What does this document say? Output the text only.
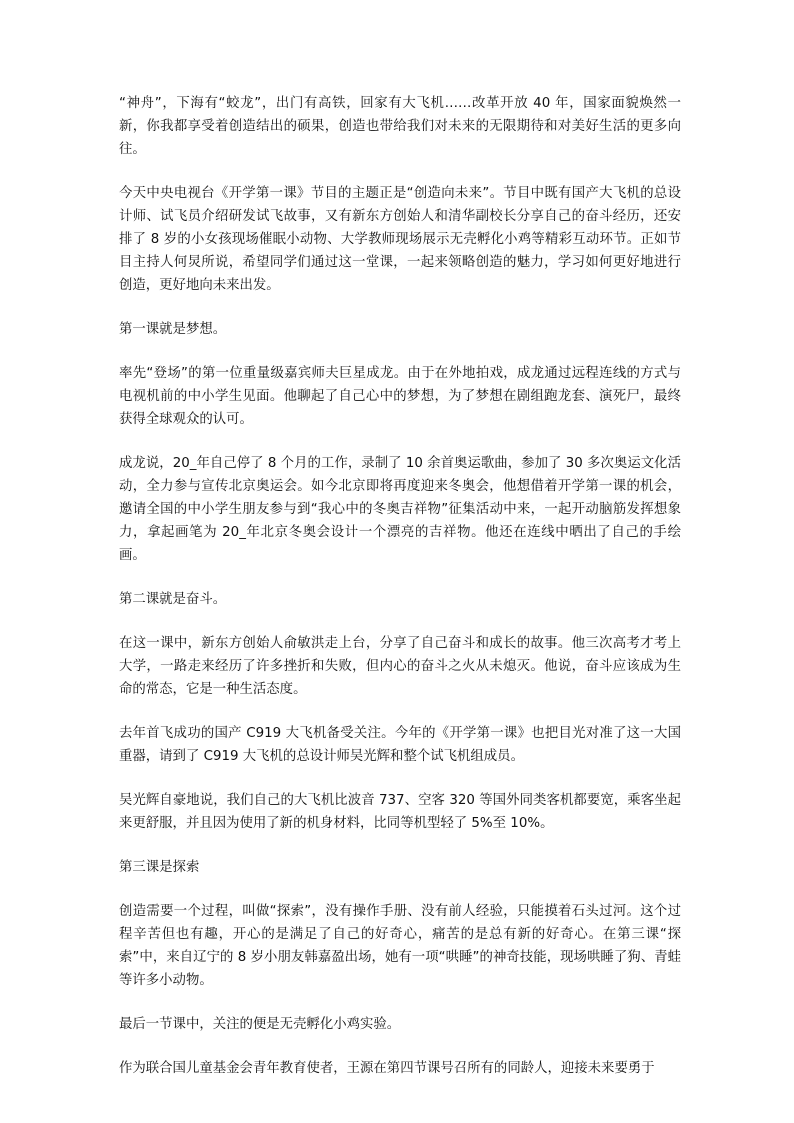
“神舟”，下海有“蛟龙”，出门有高铁，回家有大飞机……改革开放 40 年，国家面貌焕然一新，你我都享受着创造结出的硕果，创造也带给我们对未来的无限期待和对美好生活的更多向往。

今天中央电视台《开学第一课》节目的主题正是“创造向未来”。节目中既有国产大飞机的总设计师、试飞员介绍研发试飞故事，又有新东方创始人和清华副校长分享自己的奋斗经历，还安排了 8 岁的小女孩现场催眠小动物、大学教师现场展示无壳孵化小鸡等精彩互动环节。正如节目主持人何炅所说，希望同学们通过这一堂课，一起来领略创造的魅力，学习如何更好地进行创造，更好地向未来出发。

第一课就是梦想。

率先“登场”的第一位重量级嘉宾师夫巨星成龙。由于在外地拍戏，成龙通过远程连线的方式与电视机前的中小学生见面。他聊起了自己心中的梦想，为了梦想在剧组跑龙套、演死尸，最终获得全球观众的认可。

成龙说，20_年自己停了 8 个月的工作，录制了 10 余首奥运歌曲，参加了 30 多次奥运文化活动，全力参与宣传北京奥运会。如今北京即将再度迎来冬奥会，他想借着开学第一课的机会，邀请全国的中小学生朋友参与到“我心中的冬奥吉祥物”征集活动中来，一起开动脑筋发挥想象力，拿起画笔为 20_年北京冬奥会设计一个漂亮的吉祥物。他还在连线中晒出了自己的手绘画。

第二课就是奋斗。

在这一课中，新东方创始人俞敏洪走上台，分享了自己奋斗和成长的故事。他三次高考才考上大学，一路走来经历了许多挫折和失败，但内心的奋斗之火从未熄灭。他说，奋斗应该成为生命的常态，它是一种生活态度。

去年首飞成功的国产 C919 大飞机备受关注。今年的《开学第一课》也把目光对准了这一大国重器，请到了 C919 大飞机的总设计师吴光辉和整个试飞机组成员。

吴光辉自豪地说，我们自己的大飞机比波音 737、空客 320 等国外同类客机都要宽，乘客坐起来更舒服，并且因为使用了新的机身材料，比同等机型轻了 5%至 10%。

第三课是探索

创造需要一个过程，叫做“探索”，没有操作手册、没有前人经验，只能摸着石头过河。这个过程辛苦但也有趣，开心的是满足了自己的好奇心，痛苦的是总有新的好奇心。在第三课“探索”中，来自辽宁的 8 岁小朋友韩嘉盈出场，她有一项“哄睡”的神奇技能，现场哄睡了狗、青蛙等许多小动物。

最后一节课中，关注的便是无壳孵化小鸡实验。

作为联合国儿童基金会青年教育使者，王源在第四节课号召所有的同龄人，迎接未来要勇于
